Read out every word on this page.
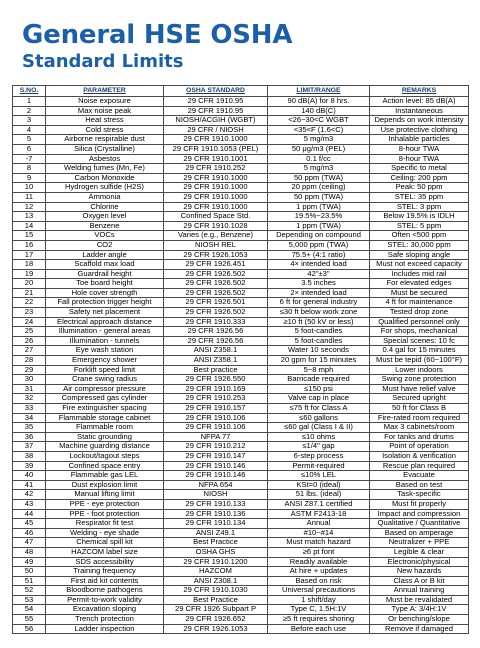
General HSE OSHA
Standard Limits
S.NO.	PARAMETER	OSHA STANDARD	LIMIT/RANGE	REMARKS
1	Noise exposure	29 CFR 1910.95	90 dB(A) for 8 hrs.	Action level: 85 dB(A)
2	Max noise peak	29 CFR 1910.95	140 dB(C)	Instantaneous
3	Heat stress	NIOSH/ACGIH (WGBT)	<26~30<C WGBT	Depends on work intensity
4	Cold stress	29 CFR / NIOSH	<35<F (1.6<C)	Use protective clothing
5	Airborne respirable dust	29 CFR 1910.1000	5 mg/m3	Inhalable particles
6	Silica (Crystalline)	29 CFR 1910.1053 (PEL)	50 μg/m3 (PEL)	8-hour TWA
-7	Asbestos	29 CFR 1910.1001	0.1 f/cc	8-hour TWA
8	Welding fumes (Mn, Fe)	29 CFR 1910.252	5 mg/m3	Specific to metal
9	Carbon Monoxide	29 CFR 1910.1000	50 ppm (TWA)	Ceiling: 200 ppm
10	Hydrogen sulfide (H2S)	29 CFR 1910.1000	20 ppm (ceiling)	Peak: 50 ppm
11	Ammonia	29 CFR 1910.1000	50 ppm (TWA)	STEL: 35 ppm
12	Chlorine	29 CFR 1910.1000	1 ppm (TWA)	STEL: 3 ppm
13	Oxygen level	Confined Space Std.	19.5%~23.5%	Below 19.5% is IDLH
14	Benzene	29 CFR 1910.1028	1 ppm (TWA)	STEL: 5 ppm
15	VOCs	Varies (e.g., Benzene)	Depending on compound	Often <500 ppm
16	CO2	NIOSH REL	5,000 ppm (TWA)	STEL: 30,000 ppm
17	Ladder angle	29 CFR 1926.1053	75.5+ (4:1 ratio)	Safe sloping angle
18	Scaffold max load	29 CFR 1926.451	4× intended load	Must not exceed capacity
19	Guardrail height	29 CFR 1926.502	42"±3"	Includes mid rail
20	Toe board height	29 CFR 1926.502	3.5 inches	For elevated edges
21	Hole cover strength	29 CFR 1926.502	2× intended load	Must be secured
22	Fall protection trigger height	29 CFR 1926.501	6 ft for general industry	4 ft for maintenance
23	Safety net placement	29 CFR 1926.502	≤30 ft below work zone	Tested drop zone
24	Electrical approach distance	29 CFR 1910.333	≥10 ft (50 kV or less)	Qualified personnel only
25	Illumination - general areas	29 CFR 1926.56	5 foot-candles	For shops, mechanical
26	Illumination - tunnels	29 CFR 1926.56	5 foot-candles	Special scenes: 10 fc
27	Eye wash station	ANSI Z358.1	Water 10 seconds	0.4 gal for 15 minutes
28	Emergency shower	ANSI Z358.1	20 gpm for 15 minutes	Must be tepid (60~100°F)
29	Forklift speed limit	Best practice	5~8 mph	Lower indoors
30	Crane swing radius	29 CFR 1926.550	Barricade required	Swing zone protection
31	Air compressor pressure	29 CFR 1910.169	≤150 psi	Must have relief valve
32	Compressed gas cylinder	29 CFR 1910.253	Valve cap in place	Secured upright
33	Fire extinguisher spacing	29 CFR 1910.157	≤75 ft for Class A	50 ft for Class B
34	Flammable storage cabinet	29 CFR 1910.106	≤60 gallons	Fire-rated room required
35	Flammable room	29 CFR 1910.106	≤60 gal (Class I & II)	Max 3 cabinets/room
36	Static grounding	NFPA 77	≤10 ohms	For tanks and drums
37	Machine guarding distance	29 CFR 1910.212	≤1/4" gap	Point of operation
38	Lockout/tagout steps	29 CFR 1910.147	6-step process	Isolation & verification
39	Confined space entry	29 CFR 1910.146	Permit-required	Rescue plan required
40	Flammable gas LEL	29 CFR 1910.146	≤10% LEL	Evacuate
41	Dust explosion limit	NFPA 654	KSt=0 (ideal)	Based on test
42	Manual lifting limit	NIOSH	51 lbs. (ideal)	Task-specific
43	PPE - eye protection	29 CFR 1910.133	ANSI Z87.1 certified	Must fit properly
44	PPE - foot protection	29 CFR 1910.136	ASTM F2413-18	Impact and compression
45	Respirator fit test	29 CFR 1910.134	Annual	Qualitative / Quantitative
46	Welding - eye shade	ANSI Z49.1	#10~#14	Based on amperage
47	Chemical spill kit	Best Practice	Must match hazard	Neutralizer + PPE
48	HAZCOM label size	OSHA GHS	≥6 pt font	Legible & clear
49	SDS accessibility	29 CFR 1910.1200	Readily available	Electronic/physical
50	Training frequency	HAZCOM	At hire + updates	New hazards
51	First aid kit contents	ANSI Z308.1	Based on risk	Class A or B kit
52	Bloodborne pathogens	29 CFR 1910.1030	Universal precautions	Annual training
53	Permit-to-work validity	Best Practice	1 shift/day	Must be revalidated
54	Excavation sloping	29 CFR 1926 Subpart P	Type C, 1.5H:1V	Type A: 3/4H:1V
55	Trench protection	29 CFR 1926.652	≥5 ft requires shoring	Or benching/slope
56	Ladder inspection	29 CFR 1926.1053	Before each use	Remove if damaged
